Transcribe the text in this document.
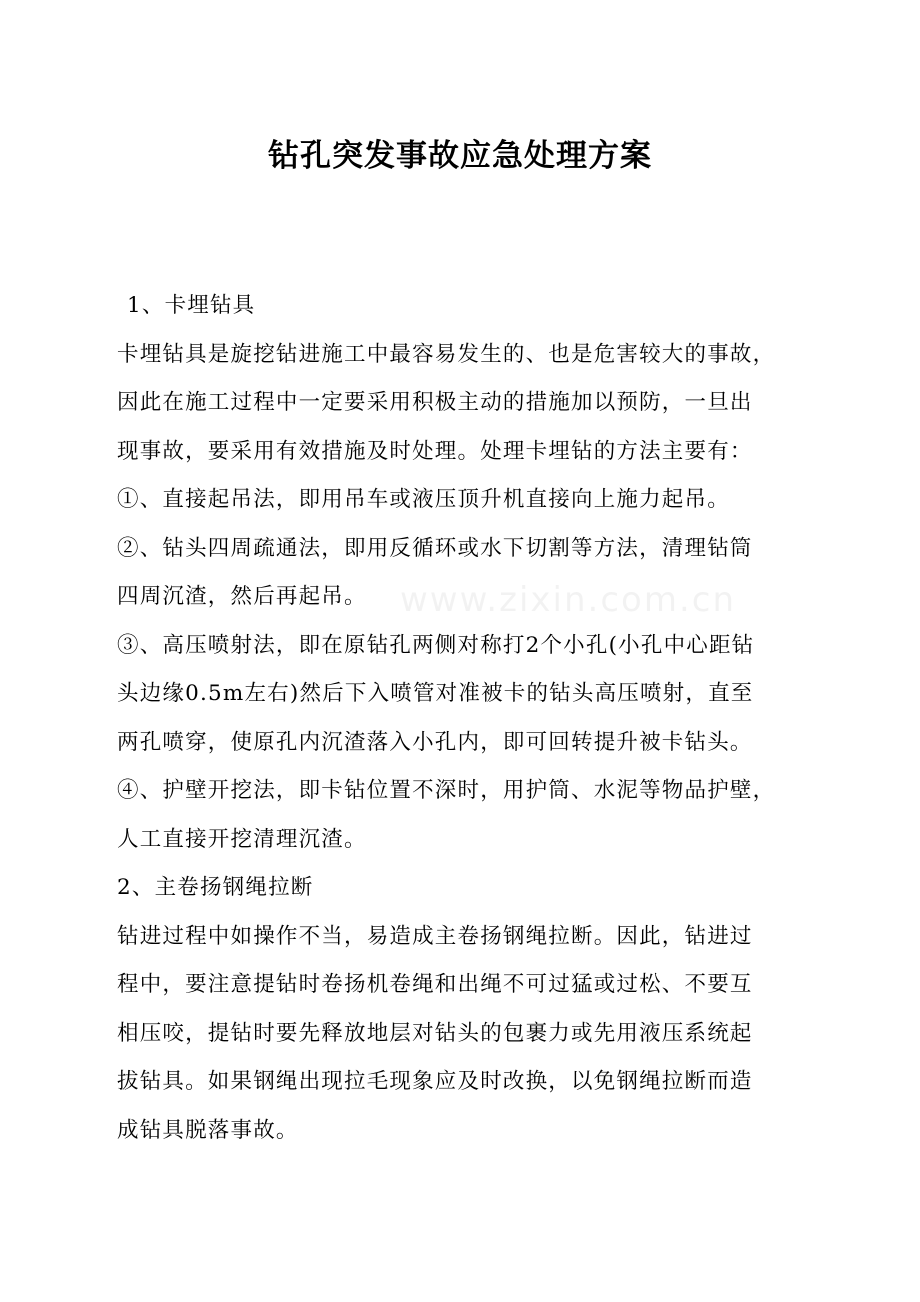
钻孔突发事故应急处理方案
www.zixin.com.cn

1、卡埋钻具

卡埋钻具是旋挖钻进施工中最容易发生的、也是危害较大的事故，

因此在施工过程中一定要采用积极主动的措施加以预防，一旦出

现事故，要采用有效措施及时处理。处理卡埋钻的方法主要有：

①、直接起吊法，即用吊车或液压顶升机直接向上施力起吊。

②、钻头四周疏通法，即用反循环或水下切割等方法，清理钻筒

四周沉渣，然后再起吊。

③、高压喷射法，即在原钻孔两侧对称打2个小孔(小孔中心距钻

头边缘0.5m左右)然后下入喷管对准被卡的钻头高压喷射，直至

两孔喷穿，使原孔内沉渣落入小孔内，即可回转提升被卡钻头。

④、护壁开挖法，即卡钻位置不深时，用护筒、水泥等物品护壁，

人工直接开挖清理沉渣。

2、主卷扬钢绳拉断

钻进过程中如操作不当，易造成主卷扬钢绳拉断。因此，钻进过

程中，要注意提钻时卷扬机卷绳和出绳不可过猛或过松、不要互

相压咬，提钻时要先释放地层对钻头的包裹力或先用液压系统起

拔钻具。如果钢绳出现拉毛现象应及时改换，以免钢绳拉断而造

成钻具脱落事故。
